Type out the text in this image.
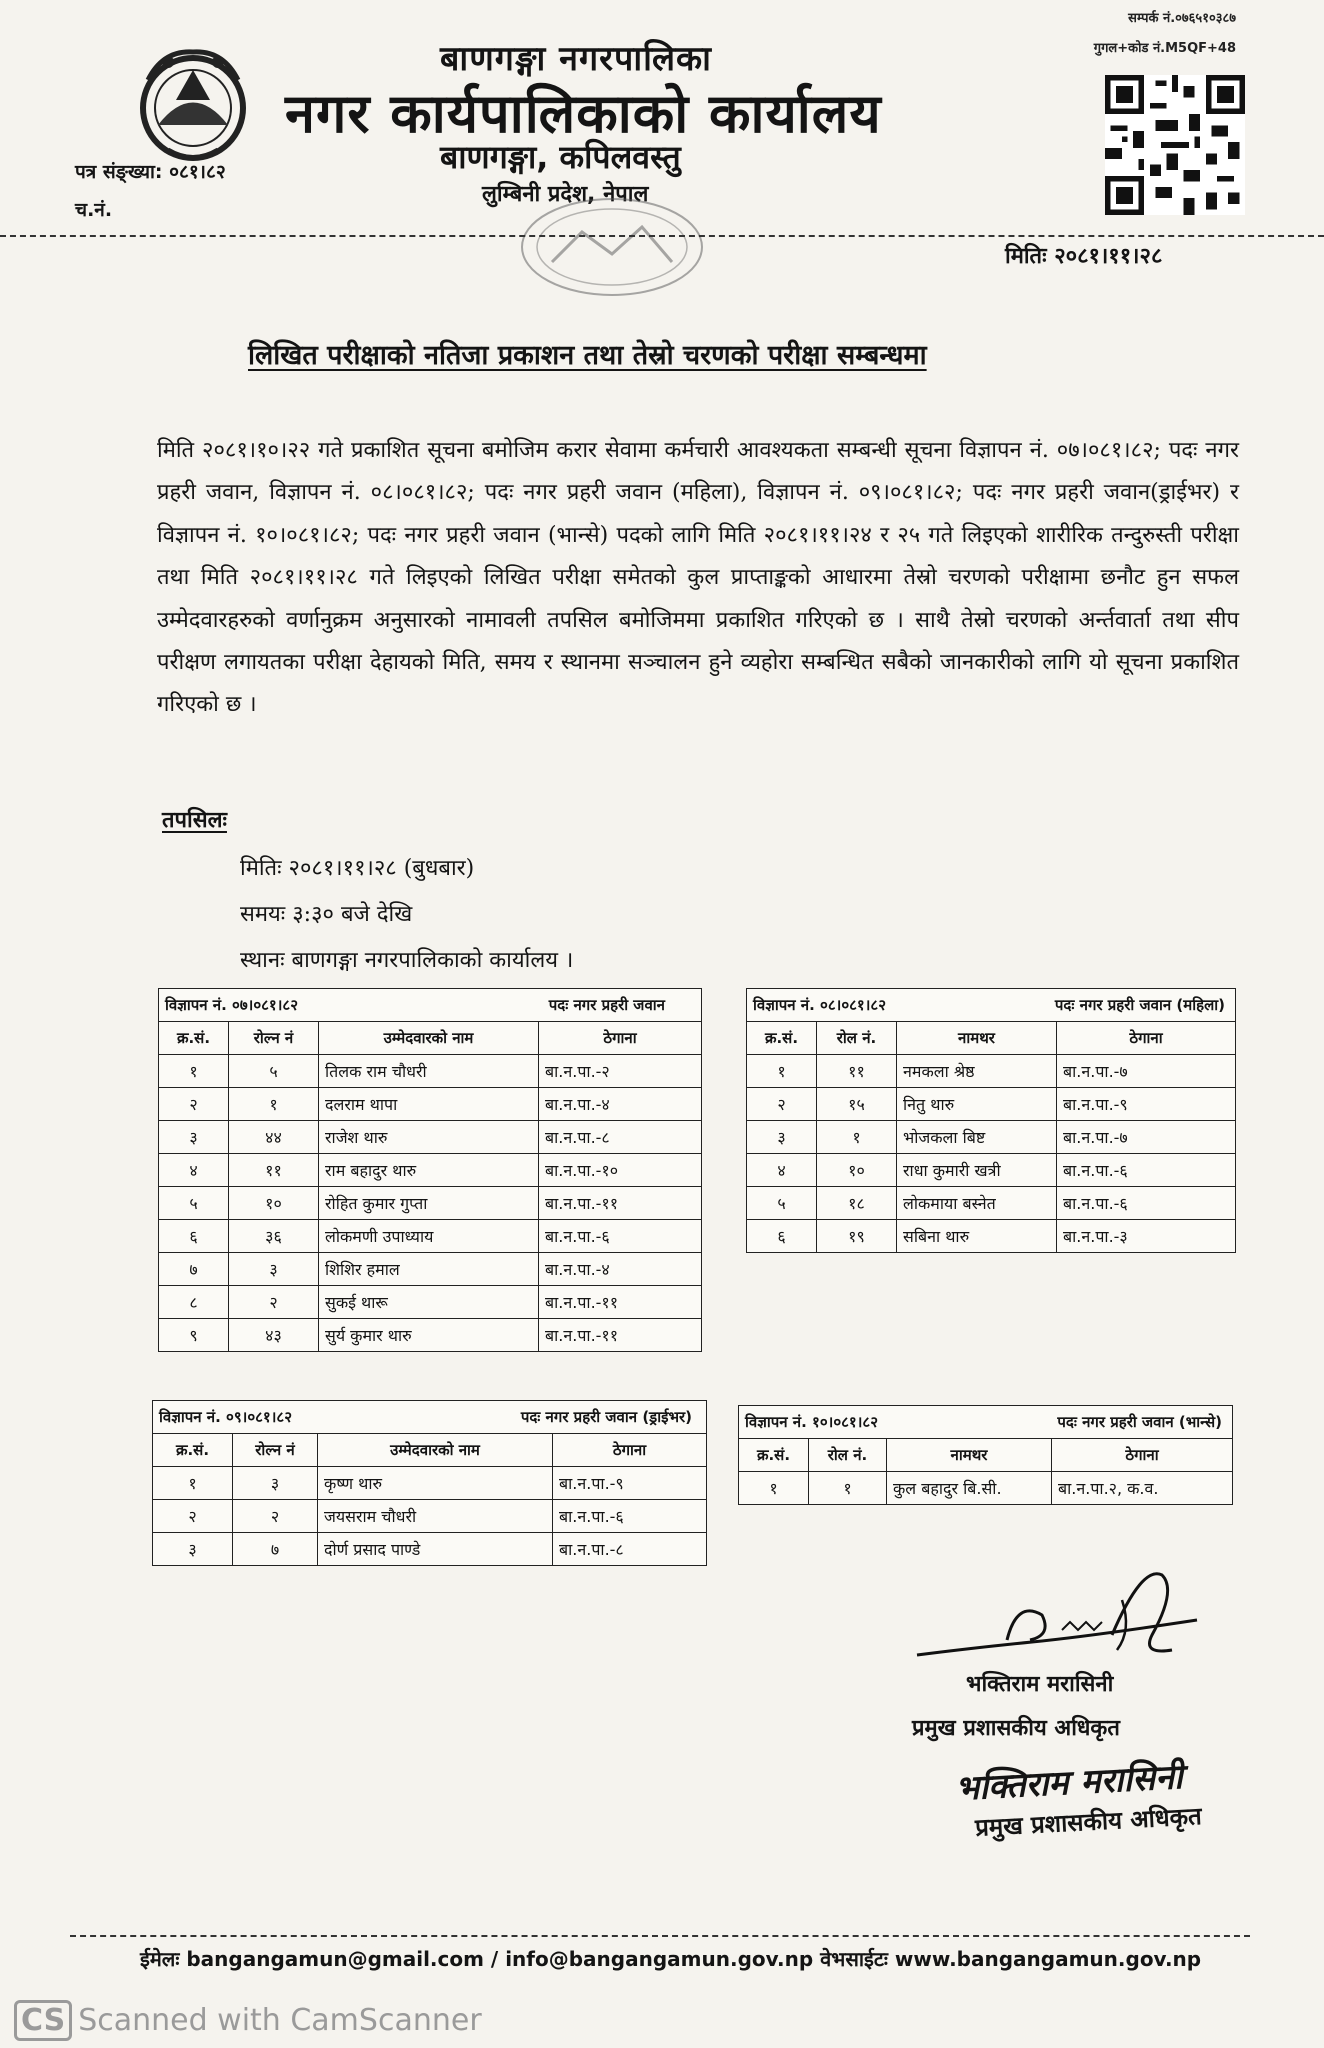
बाणगङ्गा नगरपालिका
नगर कार्यपालिकाको कार्यालय
बाणगङ्गा, कपिलवस्तु
लुम्बिनी प्रदेश, नेपाल
पत्र संङ्ख्या: ०८१।८२
च.नं.
सम्पर्क नं.०७६५१०३८७
गुगल+कोड नं.M5QF+48
मितिः २०८१।११।२८
लिखित परीक्षाको नतिजा प्रकाशन तथा तेस्रो चरणको परीक्षा सम्बन्धमा
मिति २०८१।१०।२२ गते प्रकाशित सूचना बमोजिम करार सेवामा कर्मचारी आवश्यकता सम्बन्धी सूचना विज्ञापन नं. ०७।०८१।८२; पदः नगर प्रहरी जवान, विज्ञापन नं. ०८।०८१।८२; पदः नगर प्रहरी जवान (महिला), विज्ञापन नं. ०९।०८१।८२; पदः नगर प्रहरी जवान(ड्राईभर) र विज्ञापन नं. १०।०८१।८२; पदः नगर प्रहरी जवान (भान्से) पदको लागि मिति २०८१।११।२४ र २५ गते लिइएको शारीरिक तन्दुरुस्ती परीक्षा तथा मिति २०८१।११।२८ गते लिइएको लिखित परीक्षा समेतको कुल प्राप्ताङ्कको आधारमा तेस्रो चरणको परीक्षामा छनौट हुन सफल उम्मेदवारहरुको वर्णानुक्रम अनुसारको नामावली तपसिल बमोजिममा प्रकाशित गरिएको छ । साथै तेस्रो चरणको अर्न्तवार्ता तथा सीप परीक्षण लगायतका परीक्षा देहायको मिति, समय र स्थानमा सञ्चालन हुने व्यहोरा सम्बन्धित सबैको जानकारीको लागि यो सूचना प्रकाशित गरिएको छ ।
तपसिलः
मितिः २०८१।११।२८ (बुधबार)
समयः ३:३० बजे देखि
स्थानः बाणगङ्गा नगरपालिकाको कार्यालय ।
विज्ञापन नं. ०७।०८१।८२ पदः नगर प्रहरी जवान			

क्र.सं.	रोल्न नं	उम्मेदवारको नाम	ठेगाना
१	५	तिलक राम चौधरी	बा.न.पा.-२
२	१	दलराम थापा	बा.न.पा.-४
३	४४	राजेश थारु	बा.न.पा.-८
४	११	राम बहादुर थारु	बा.न.पा.-१०
५	१०	रोहित कुमार गुप्ता	बा.न.पा.-११
६	३६	लोकमणी उपाध्याय	बा.न.पा.-६
७	३	शिशिर हमाल	बा.न.पा.-४
८	२	सुकई थारू	बा.न.पा.-११
९	४३	सुर्य कुमार थारु	बा.न.पा.-११
विज्ञापन नं. ०८।०८१।८२ पदः नगर प्रहरी जवान (महिला)			

क्र.सं.	रोल नं.	नामथर	ठेगाना
१	११	नमकला श्रेष्ठ	बा.न.पा.-७
२	१५	नितु थारु	बा.न.पा.-९
३	१	भोजकला बिष्ट	बा.न.पा.-७
४	१०	राधा कुमारी खत्री	बा.न.पा.-६
५	१८	लोकमाया बस्नेत	बा.न.पा.-६
६	१९	सबिना थारु	बा.न.पा.-३
विज्ञापन नं. ०९।०८१।८२ पदः नगर प्रहरी जवान (ड्राईभर)			

क्र.सं.	रोल्न नं	उम्मेदवारको नाम	ठेगाना
१	३	कृष्ण थारु	बा.न.पा.-९
२	२	जयसराम चौधरी	बा.न.पा.-६
३	७	दोर्ण प्रसाद पाण्डे	बा.न.पा.-८
विज्ञापन नं. १०।०८१।८२ पदः नगर प्रहरी जवान (भान्से)			

क्र.सं.	रोल नं.	नामथर	ठेगाना
१	१	कुल बहादुर बि.सी.	बा.न.पा.२, क.व.
भक्तिराम मरासिनी
प्रमुख प्रशासकीय अधिकृत
भक्तिराम मरासिनी
प्रमुख प्रशासकीय अधिकृत
ईमेलः bangangamun@gmail.com / info@bangangamun.gov.np वेभसाईटः www.bangangamun.gov.np
CS Scanned with CamScanner
